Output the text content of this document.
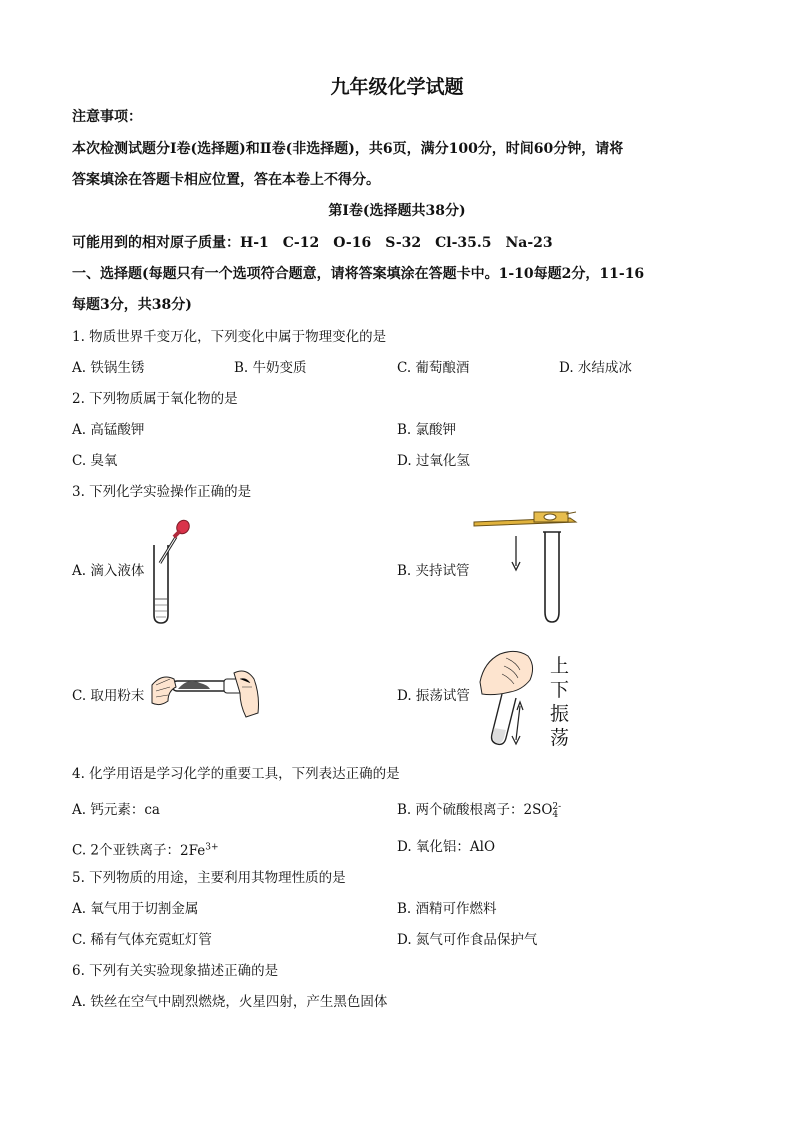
九年级化学试题
注意事项：
本次检测试题分Ⅰ卷(选择题)和Ⅱ卷(非选择题)，共6页，满分100分，时间60分钟，请将
答案填涂在答题卡相应位置，答在本卷上不得分。
第Ⅰ卷(选择题共38分)
可能用到的相对原子质量：H-1　C-12　O-16　S-32　Cl-35.5　Na-23
一、选择题(每题只有一个选项符合题意，请将答案填涂在答题卡中。1-10每题2分，11-16
每题3分，共38分)
1. 物质世界千变万化，下列变化中属于物理变化的是
A. 铁锅生锈	B. 牛奶变质	C. 葡萄酿酒	D. 水结成冰
2. 下列物质属于氧化物的是
A. 高锰酸钾	B. 氯酸钾
C. 臭氧	D. 过氧化氢
3. 下列化学实验操作正确的是
A. 滴入液体	B. 夹持试管
C. 取用粉末	D. 振荡试管
上
下
振
荡
4. 化学用语是学习化学的重要工具，下列表达正确的是
A. 钙元素：ca	B. 两个硫酸根离子：2SO 2-
4
C. 2个亚铁离子：$2Fe^{3+}$	D. 氧化铝：AlO
5. 下列物质的用途，主要利用其物理性质的是
A. 氧气用于切割金属	B. 酒精可作燃料
C. 稀有气体充霓虹灯管	D. 氮气可作食品保护气
6. 下列有关实验现象描述正确的是
A. 铁丝在空气中剧烈燃烧，火星四射，产生黑色固体
